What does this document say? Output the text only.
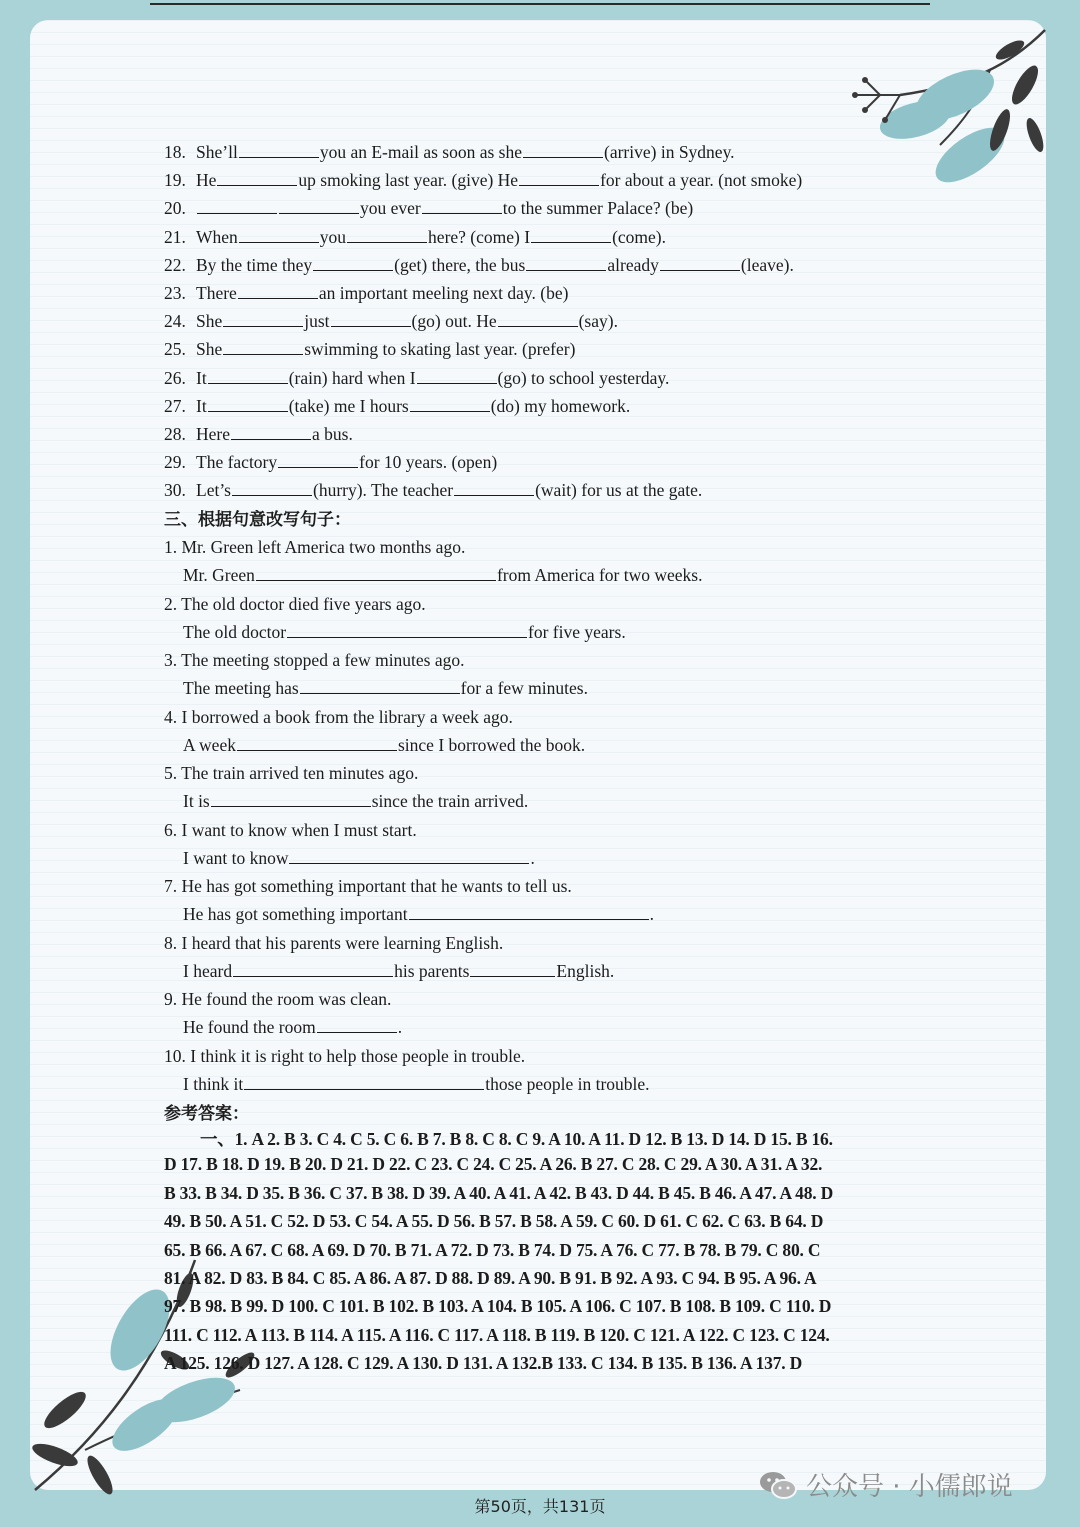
18. She’ll	you an E-mail as soon as she	(arrive) in Sydney.
19. He	up smoking last year. (give) He	for about a year. (not smoke)
20.	you ever	to the summer Palace? (be)
21. When	you	here? (come) I	(come).
22. By the time they	(get) there, the bus	already	(leave).
23. There	an important meeling next day. (be)
24. She	just	(go) out. He	(say).
25. She	swimming to skating last year. (prefer)
26. It	(rain) hard when I	(go) to school yesterday.
27. It	(take) me I hours	(do) my homework.
28. Here	a bus.
29. The factory	for 10 years. (open)
30. Let’s	(hurry). The teacher	(wait) for us at the gate.
三、根据句意改写句子：
1. Mr. Green left America two months ago.
Mr. Green	from America for two weeks.
2. The old doctor died five years ago.
The old doctor	for five years.
3. The meeting stopped a few minutes ago.
The meeting has	for a few minutes.
4. I borrowed a book from the library a week ago.
A week	since I borrowed the book.
5. The train arrived ten minutes ago.
It is	since the train arrived.
6. I want to know when I must start.
I want to know	.
7. He has got something important that he wants to tell us.
He has got something important	.
8. I heard that his parents were learning English.
I heard	his parents	English.
9. He found the room was clean.
He found the room	.
10. I think it is right to help those people in trouble.
I think it	those people in trouble.
参考答案：
一、1. A 2. B 3. C 4. C 5. C 6. B 7. B 8. C 8. C 9. A 10. A 11. D 12. B 13. D 14. D 15. B 16.
D 17. B 18. D 19. B 20. D 21. D 22. C 23. C 24. C 25. A 26. B 27. C 28. C 29. A 30. A 31. A 32.
B 33. B 34. D 35. B 36. C 37. B 38. D 39. A 40. A 41. A 42. B 43. D 44. B 45. B 46. A 47. A 48. D
49. B 50. A 51. C 52. D 53. C 54. A 55. D 56. B 57. B 58. A 59. C 60. D 61. C 62. C 63. B 64. D
65. B 66. A 67. C 68. A 69. D 70. B 71. A 72. D 73. B 74. D 75. A 76. C 77. B 78. B 79. C 80. C
81. A 82. D 83. B 84. C 85. A 86. A 87. D 88. D 89. A 90. B 91. B 92. A 93. C 94. B 95. A 96. A
97. B 98. B 99. D 100. C 101. B 102. B 103. A 104. B 105. A 106. C 107. B 108. B 109. C 110. D
111. C 112. A 113. B 114. A 115. A 116. C 117. A 118. B 119. B 120. C 121. A 122. C 123. C 124.
A 125. 126. D 127. A 128. C 129. A 130. D 131. A 132.B 133. C 134. B 135. B 136. A 137. D
第50页，共131页
公众号 · 小儒郎说
